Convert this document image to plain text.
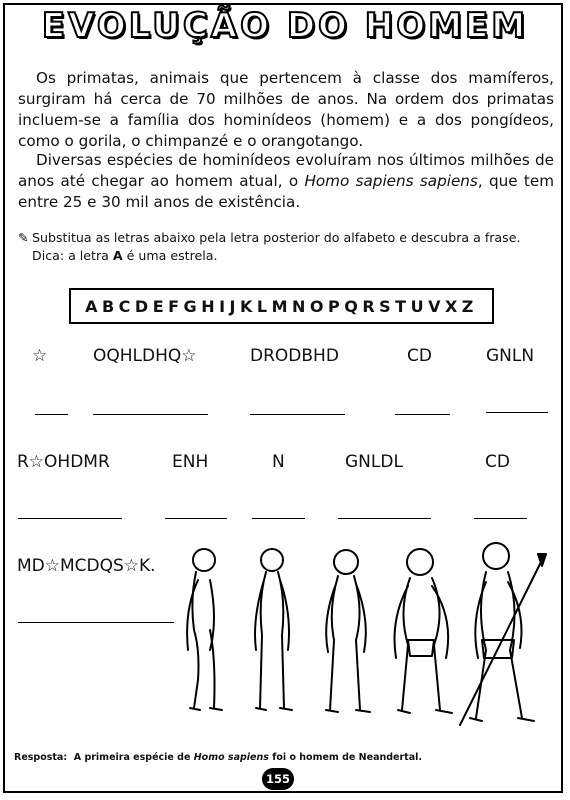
EVOLUÇÃO DO HOMEM

Os primatas, animais que pertencem à classe dos mamíferos, surgiram há cerca de 70 milhões de anos. Na ordem dos primatas incluem-se a família dos hominídeos (homem) e a dos pongídeos, como o gorila, o chimpanzé e o orangotango.

Diversas espécies de hominídeos evoluíram nos últimos milhões de anos até chegar ao homem atual, o Homo sapiens sapiens, que tem entre 25 e 30 mil anos de existência.

✎ Substitua as letras abaixo pela letra posterior do alfabeto e descubra a frase.
Dica: a letra A é uma estrela.
ABCDEFGHIJKLMNOPQRSTUVXZ
☆	OQHLDHQ☆	DRODBHD	CD	GNLN
R☆OHDMR	ENH	N	GNLDL	CD
MD☆MCDQS☆K.
Resposta: A primeira espécie de Homo sapiens foi o homem de Neandertal.
155
